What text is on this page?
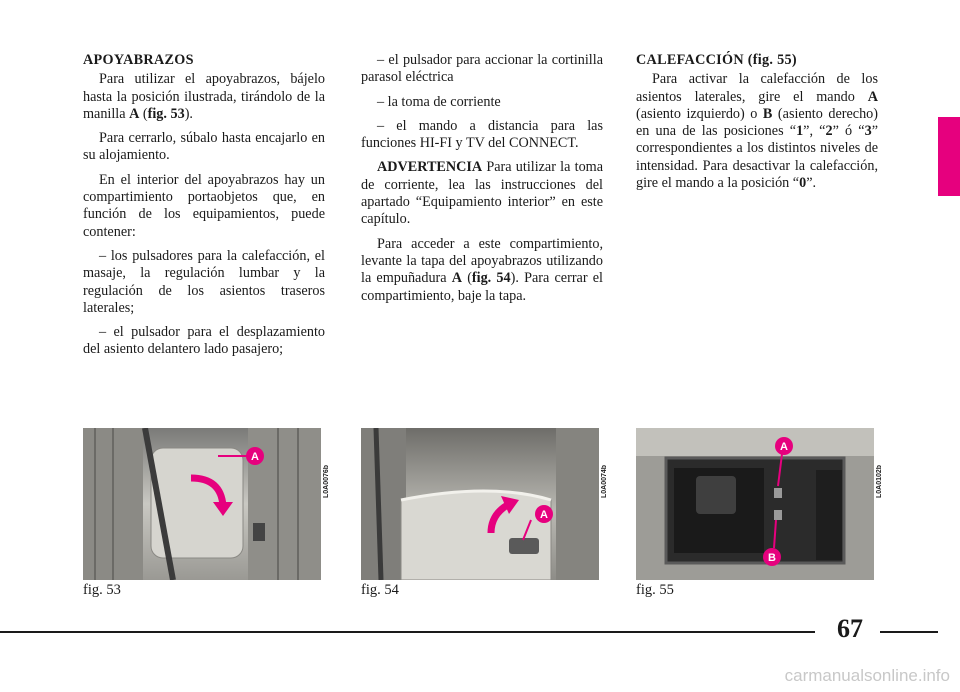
APOYABRAZOS

Para utilizar el apoyabrazos, bájelo hasta la posición ilustrada, tirándolo de la manilla A (fig. 53).

Para cerrarlo, súbalo hasta encajarlo en su alojamiento.

En el interior del apoyabrazos hay un compartimiento portaobjetos que, en función de los equipamientos, puede contener:

– los pulsadores para la calefacción, el masaje, la regulación lumbar y la regulación de los asientos traseros laterales;

– el pulsador para el desplazamiento del asiento delantero lado pasajero;

– el pulsador para accionar la cortinilla parasol eléctrica

– la toma de corriente

– el mando a distancia para las funciones HI-FI y TV del CONNECT.

ADVERTENCIA Para utilizar la toma de corriente, lea las instrucciones del apartado “Equipamiento interior” en este capítulo.

Para acceder a este compartimiento, levante la tapa del apoyabrazos utilizando la empuñadura A (fig. 54). Para cerrar el compartimiento, baje la tapa.

CALEFACCIÓN (fig. 55)

Para activar la calefacción de los asientos laterales, gire el mando A (asiento izquierdo) o B (asiento derecho) en una de las posiciones “1”, “2” ó “3” correspondientes a los distintos niveles de intensidad. Para desactivar la calefacción, gire el mando a la posición “0”.

A
L0A0076b
fig. 53
A
L0A0074b
fig. 54
A
B
L0A0102b
fig. 55
67
carmanualsonline.info
